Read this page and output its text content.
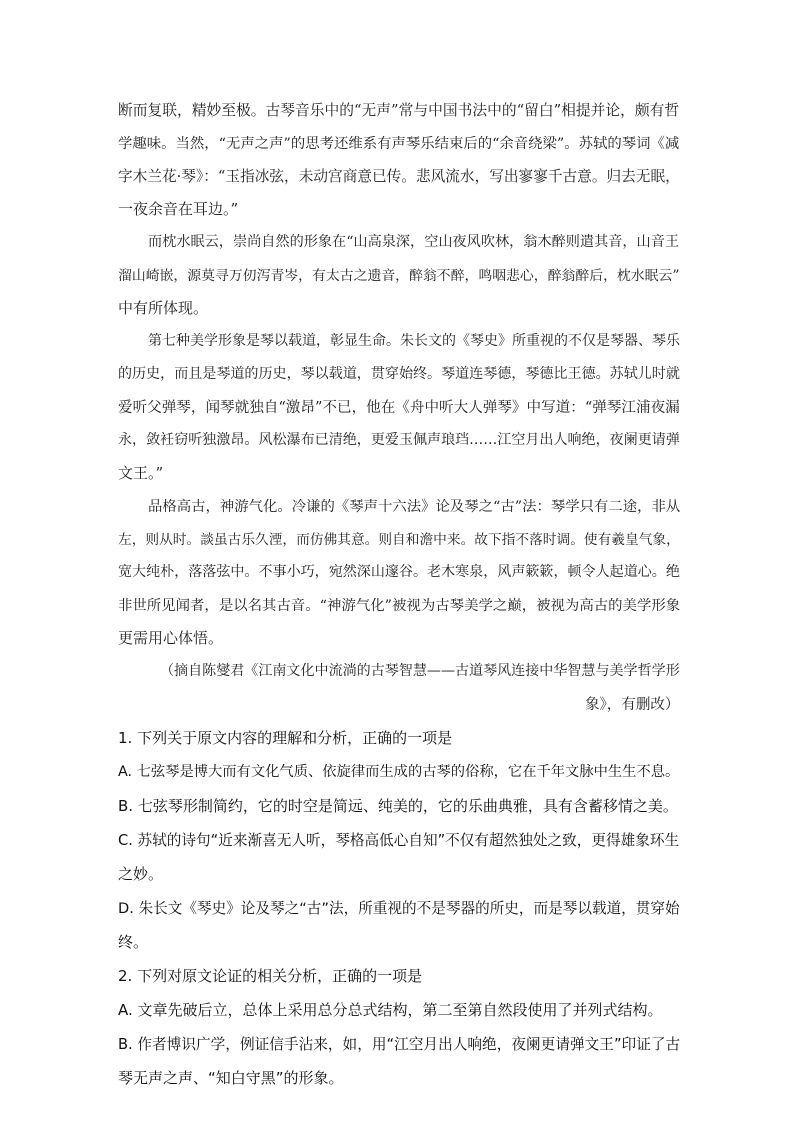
断而复联，精妙至极。古琴音乐中的“无声”常与中国书法中的“留白”相提并论，颇有哲
学趣味。当然，“无声之声”的思考还维系有声琴乐结束后的“余音绕梁”。苏轼的琴词《减
字木兰花·琴》：“玉指冰弦，未动宫商意已传。悲风流水，写出寥寥千古意。归去无眠，
一夜余音在耳边。”
而枕水眠云，崇尚自然的形象在“山高泉深，空山夜风吹林，翁木醉则遣其音，山音王
溜山崎嵌，源莫寻万仞泻青岑，有太古之遗音，醉翁不醉，鸣咽悲心，醉翁醉后，枕水眠云”
中有所体现。
第七种美学形象是琴以载道，彰显生命。朱长文的《琴史》所重视的不仅是琴器、琴乐
的历史，而且是琴道的历史，琴以载道，贯穿始终。琴道连琴德，琴德比王德。苏轼儿时就
爱听父弹琴，闻琴就独自“激昂”不已，他在《舟中听大人弹琴》中写道：“弹琴江浦夜漏
永，敛衽窃听独激昂。风松瀑布已清绝，更爱玉佩声琅珰……江空月出人响绝，夜阑更请弹
文王。”
品格高古，神游气化。冷谦的《琴声十六法》论及琴之“古”法：琴学只有二途，非从
左，则从时。談虽古乐久湮，而仿佛其意。则自和澹中来。故下指不落时调。使有羲皇气象，
宽大纯朴，落落弦中。不事小巧，宛然深山邃谷。老木寒泉，风声簌簌，顿令人起道心。绝
非世所见闻者，是以名其古音。“神游气化”被视为古琴美学之巅，被视为高古的美学形象
更需用心体悟。
（摘自陈燮君《江南文化中流淌的古琴智慧——古道琴风连接中华智慧与美学哲学形
象》，有删改）
1. 下列关于原文内容的理解和分析，正确的一项是
A. 七弦琴是博大而有文化气质、依旋律而生成的古琴的俗称，它在千年文脉中生生不息。
B. 七弦琴形制简约，它的时空是简远、纯美的，它的乐曲典雅，具有含蓄移情之美。
C. 苏轼的诗句“近来渐喜无人听，琴格高低心自知”不仅有超然独处之致，更得雄象环生
之妙。
D. 朱长文《琴史》论及琴之“古”法，所重视的不是琴器的所史，而是琴以载道，贯穿始
终。
2. 下列对原文论证的相关分析，正确的一项是
A. 文章先破后立，总体上采用总分总式结构，第二至第自然段使用了并列式结构。
B. 作者博识广学，例证信手沾来，如，用“江空月出人响绝，夜阑更请弹文王”印证了古
琴无声之声、“知白守黑”的形象。
